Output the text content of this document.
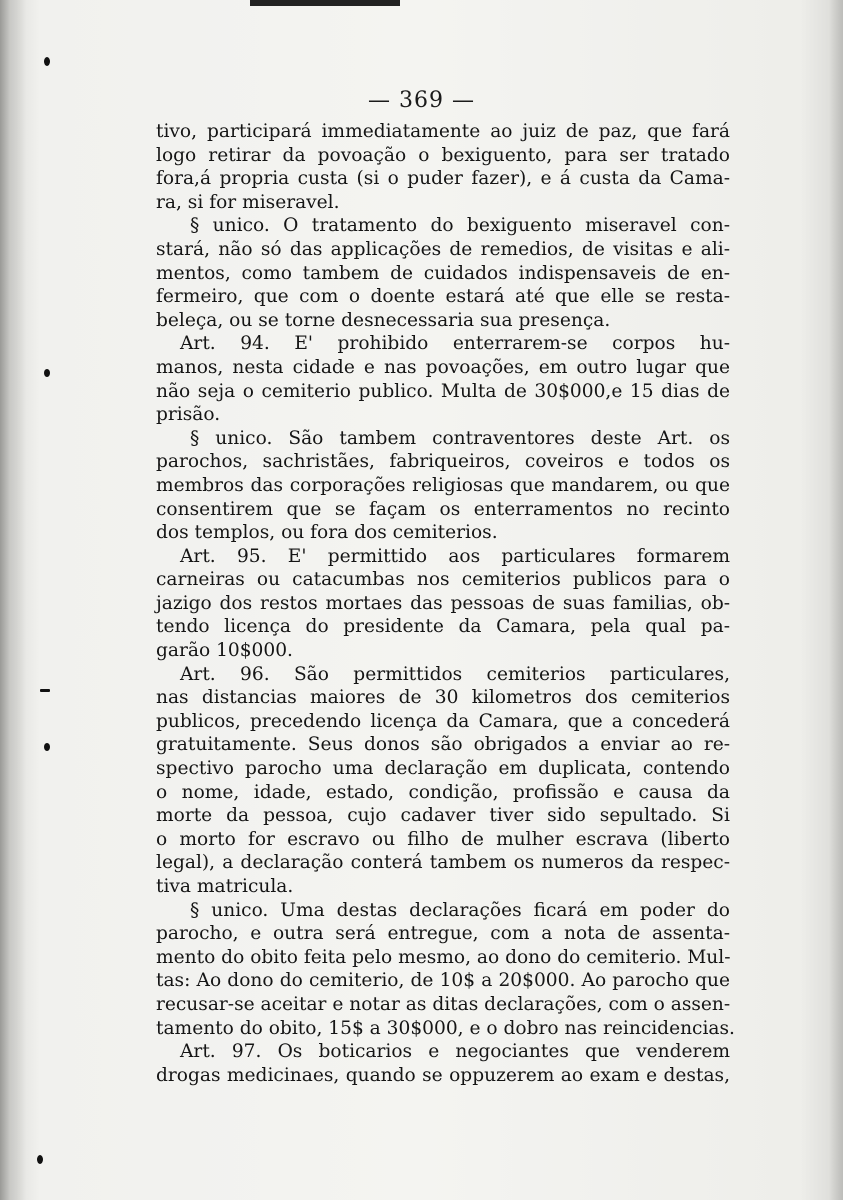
— 369 —
tivo, participará immediatamente ao juiz de paz, que fará
logo retirar da povoação o bexiguento, para ser tratado
fora,á propria custa (si o puder fazer), e á custa da Cama-
ra, si for miseravel.
§ unico. O tratamento do bexiguento miseravel con-
stará, não só das applicações de remedios, de visitas e ali-
mentos, como tambem de cuidados indispensaveis de en-
fermeiro, que com o doente estará até que elle se resta-
beleça, ou se torne desnecessaria sua presença.
Art. 94. E' prohibido enterrarem-se corpos hu-
manos, nesta cidade e nas povoações, em outro lugar que
não seja o cemiterio publico. Multa de 30$000,e 15 dias de
prisão.
§ unico. São tambem contraventores deste Art. os
parochos, sachristães, fabriqueiros, coveiros e todos os
membros das corporações religiosas que mandarem, ou que
consentirem que se façam os enterramentos no recinto
dos templos, ou fora dos cemiterios.
Art. 95. E' permittido aos particulares formarem
carneiras ou catacumbas nos cemiterios publicos para o
jazigo dos restos mortaes das pessoas de suas familias, ob-
tendo licença do presidente da Camara, pela qual pa-
garão 10$000.
Art. 96. São permittidos cemiterios particulares,
nas distancias maiores de 30 kilometros dos cemiterios
publicos, precedendo licença da Camara, que a concederá
gratuitamente. Seus donos são obrigados a enviar ao re-
spectivo parocho uma declaração em duplicata, contendo
o nome, idade, estado, condição, profissão e causa da
morte da pessoa, cujo cadaver tiver sido sepultado. Si
o morto for escravo ou filho de mulher escrava (liberto
legal), a declaração conterá tambem os numeros da respec-
tiva matricula.
§ unico. Uma destas declarações ficará em poder do
parocho, e outra será entregue, com a nota de assenta-
mento do obito feita pelo mesmo, ao dono do cemiterio. Mul-
tas: Ao dono do cemiterio, de 10$ a 20$000. Ao parocho que
recusar-se aceitar e notar as ditas declarações, com o assen-
tamento do obito, 15$ a 30$000, e o dobro nas reincidencias.
Art. 97. Os boticarios e negociantes que venderem
drogas medicinaes, quando se oppuzerem ao exam e destas,
